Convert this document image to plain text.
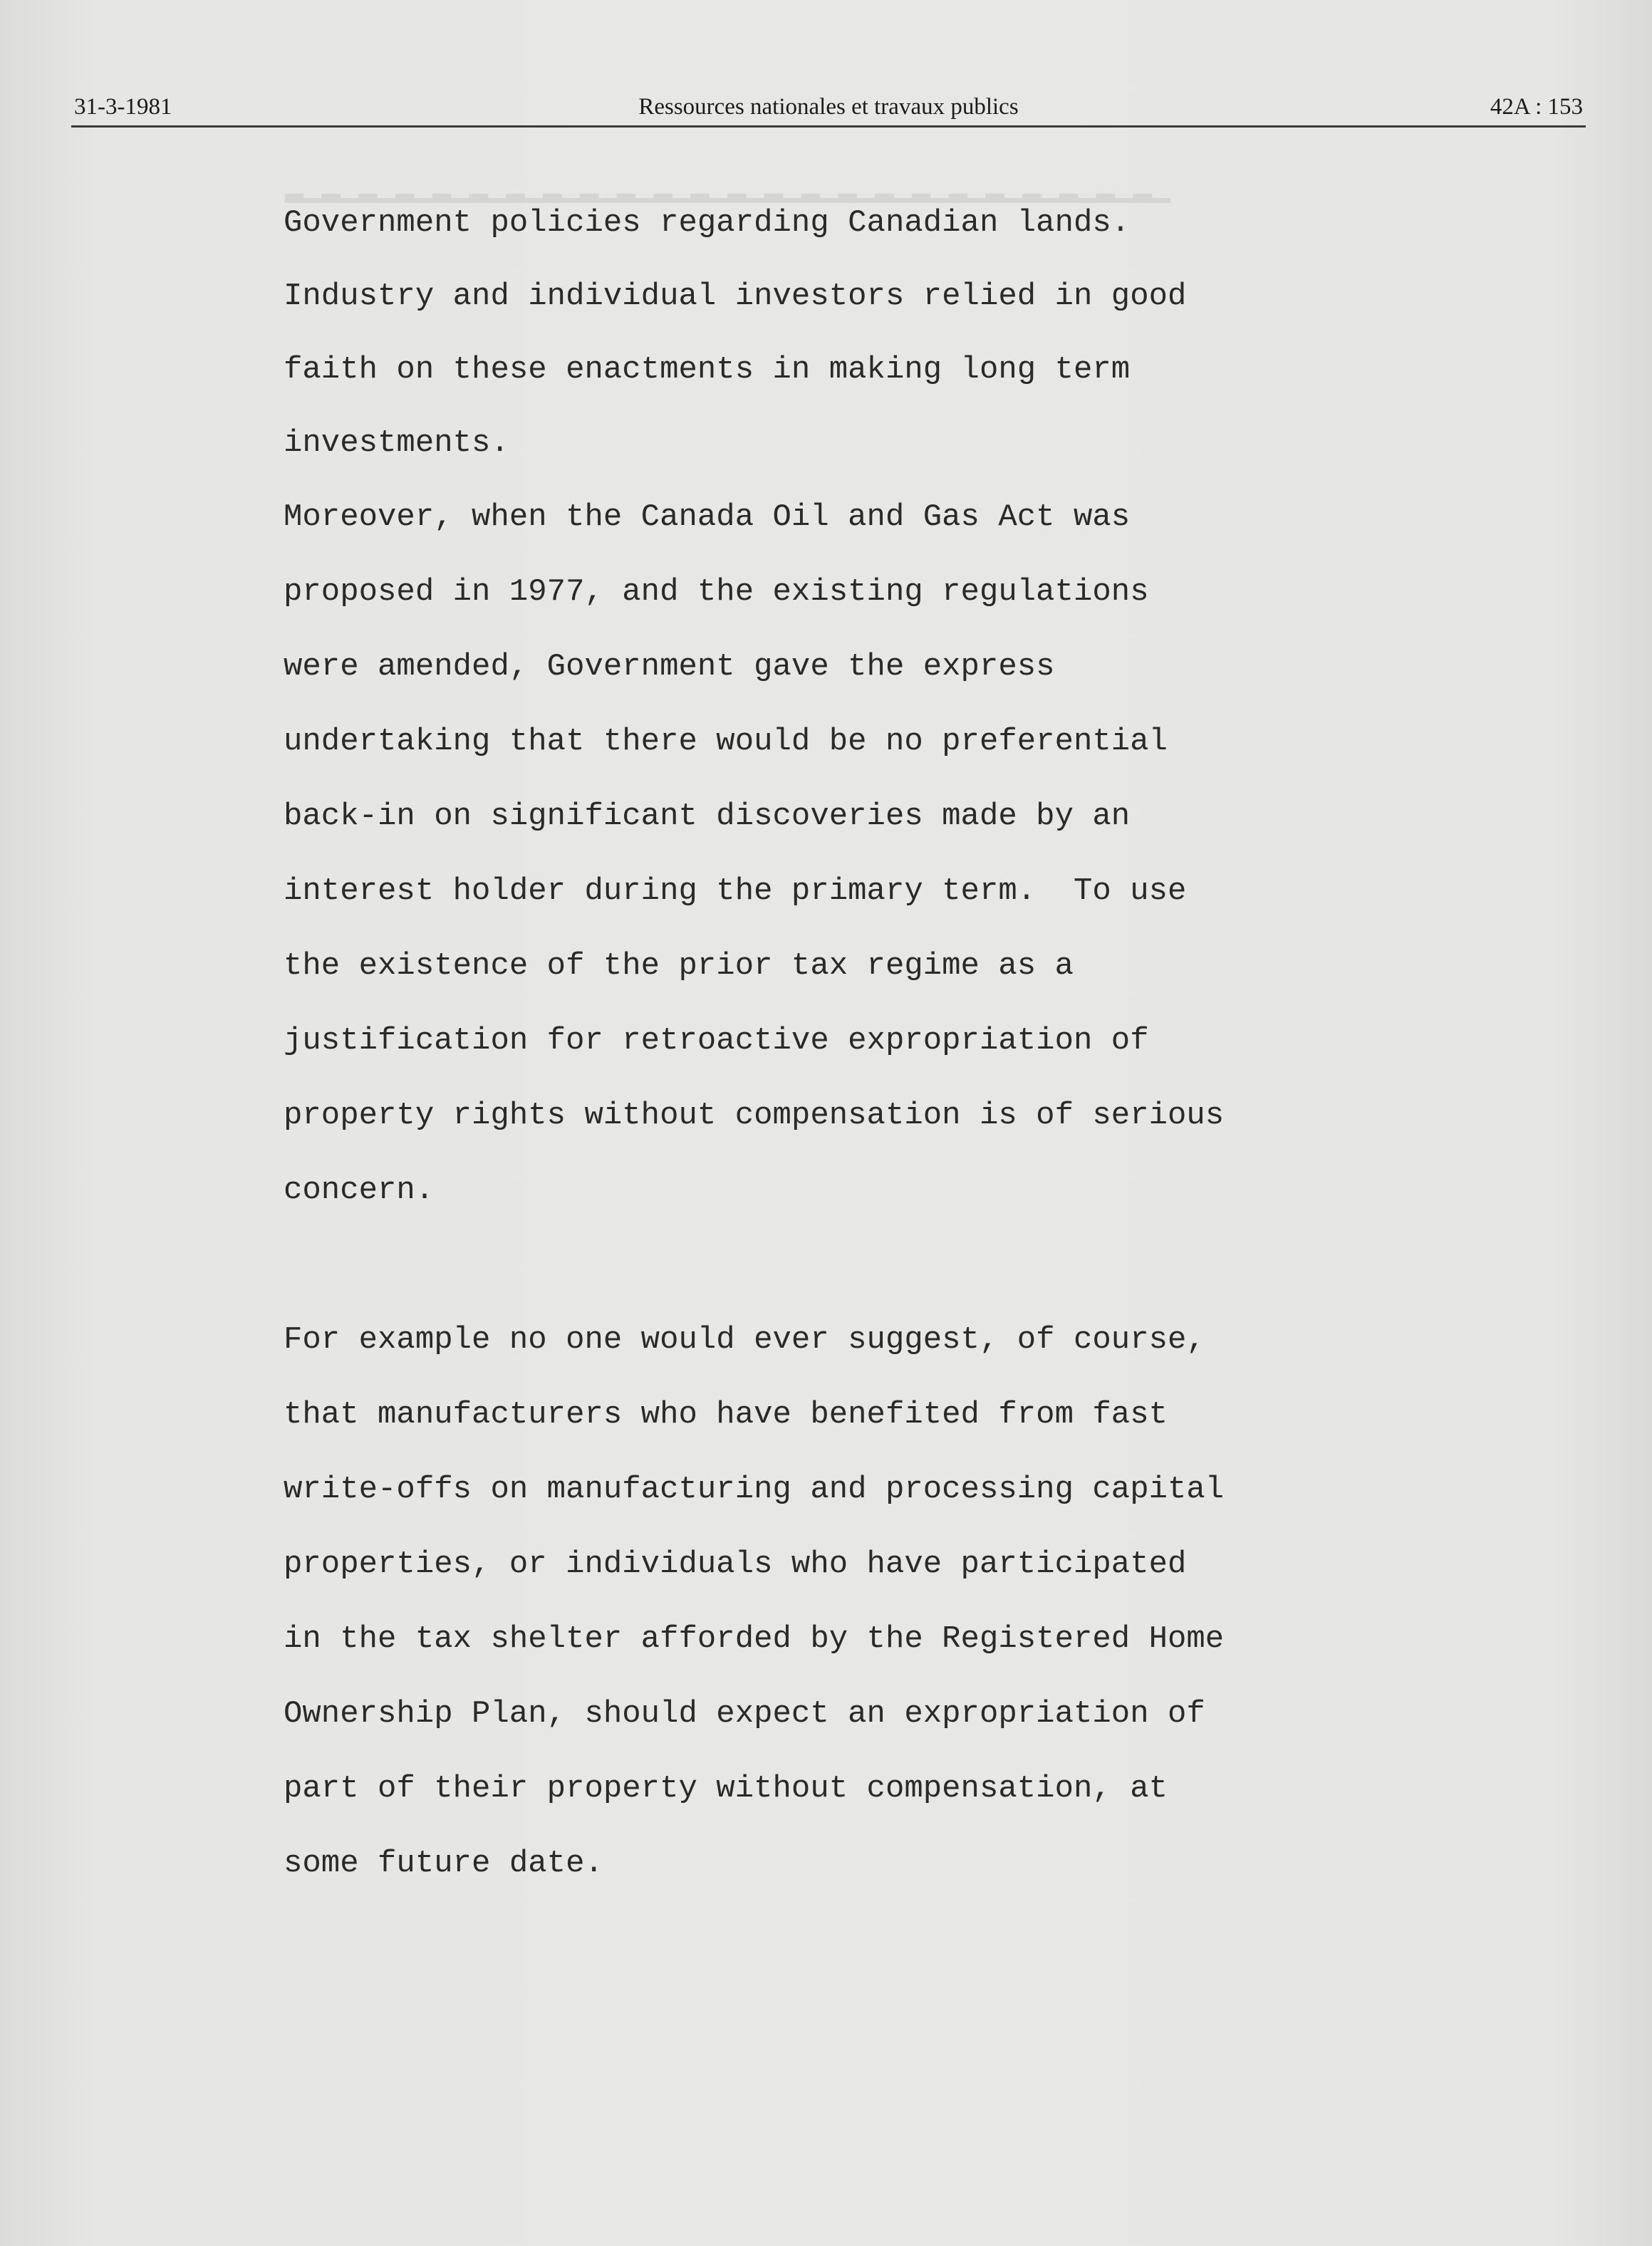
31-3-1981	Ressources nationales et travaux publics	42A : 153
▁▂▁▂▁▂▁▂▁▂▁▂▁▂▁▂▁▂▁▂▁▂▁▂▁▂▁▂▁▂▁▂▁▂▁▂▁▂▁▂▁▂▁▂▁▂▁▂
Government policies regarding Canadian lands.
Industry and individual investors relied in good
faith on these enactments in making long term
investments.
Moreover, when the Canada Oil and Gas Act was
proposed in 1977, and the existing regulations
were amended, Government gave the express
undertaking that there would be no preferential
back-in on significant discoveries made by an
interest holder during the primary term.  To use
the existence of the prior tax regime as a
justification for retroactive expropriation of
property rights without compensation is of serious
concern.
For example no one would ever suggest, of course,
that manufacturers who have benefited from fast
write-offs on manufacturing and processing capital
properties, or individuals who have participated
in the tax shelter afforded by the Registered Home
Ownership Plan, should expect an expropriation of
part of their property without compensation, at
some future date.
